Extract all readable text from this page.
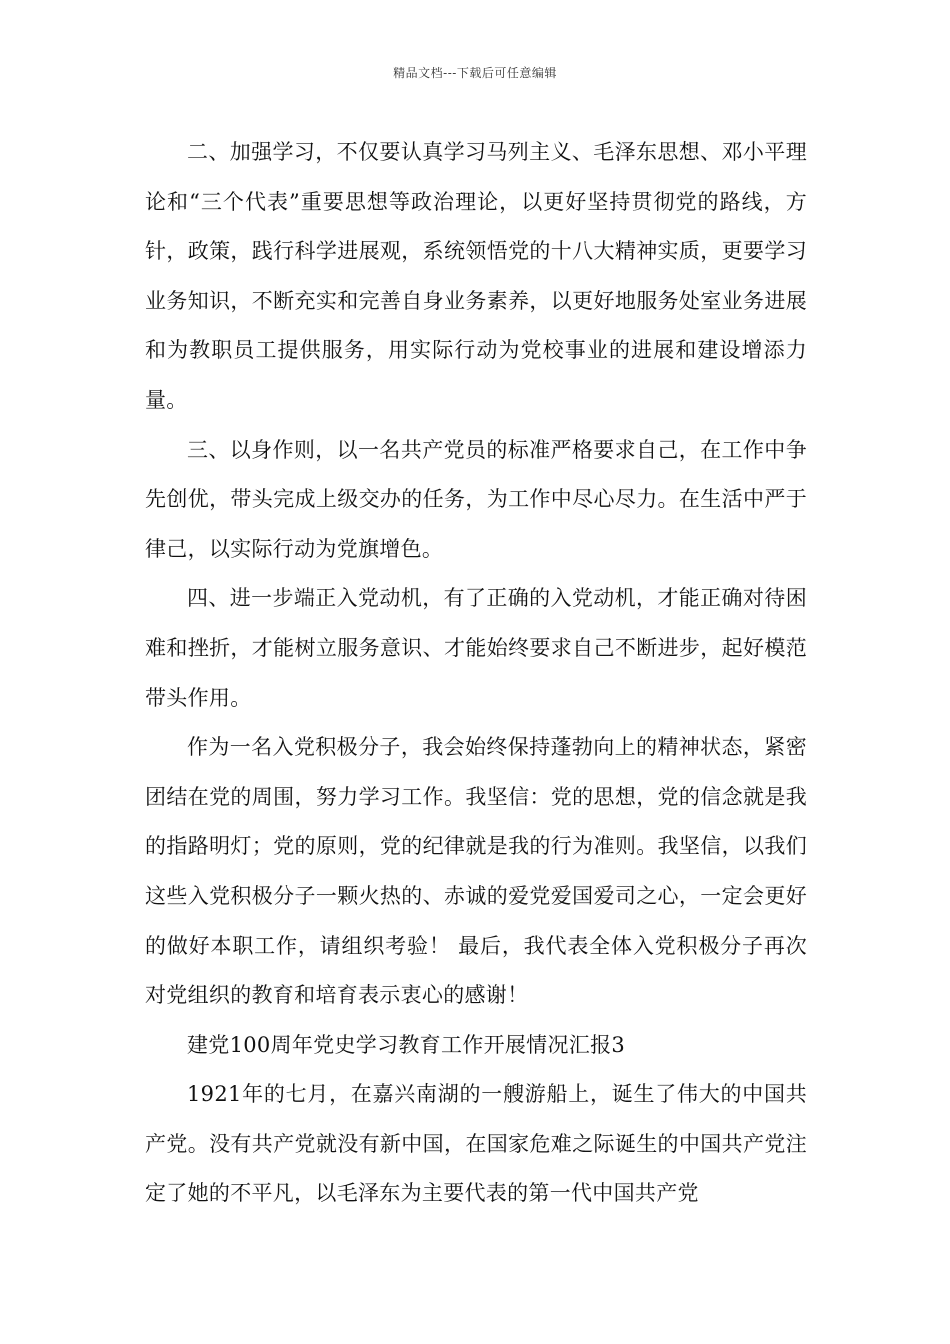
精品文档---下载后可任意编辑

二、加强学习，不仅要认真学习马列主义、毛泽东思想、邓小平理论和“三个代表”重要思想等政治理论，以更好坚持贯彻党的路线，方针，政策，践行科学进展观，系统领悟党的十八大精神实质，更要学习业务知识，不断充实和完善自身业务素养，以更好地服务处室业务进展和为教职员工提供服务，用实际行动为党校事业的进展和建设增添力量。

三、以身作则，以一名共产党员的标准严格要求自己，在工作中争先创优，带头完成上级交办的任务，为工作中尽心尽力。在生活中严于律己，以实际行动为党旗增色。

四、进一步端正入党动机，有了正确的入党动机，才能正确对待困难和挫折，才能树立服务意识、才能始终要求自己不断进步，起好模范带头作用。

作为一名入党积极分子，我会始终保持蓬勃向上的精神状态，紧密团结在党的周围，努力学习工作。我坚信：党的思想，党的信念就是我的指路明灯；党的原则，党的纪律就是我的行为准则。我坚信，以我们这些入党积极分子一颗火热的、赤诚的爱党爱国爱司之心，一定会更好的做好本职工作，请组织考验！ 最后，我代表全体入党积极分子再次对党组织的教育和培育表示衷心的感谢！

建党100周年党史学习教育工作开展情况汇报3

1921年的七月，在嘉兴南湖的一艘游船上，诞生了伟大的中国共产党。没有共产党就没有新中国，在国家危难之际诞生的中国共产党注定了她的不平凡，以毛泽东为主要代表的第一代中国共产党
